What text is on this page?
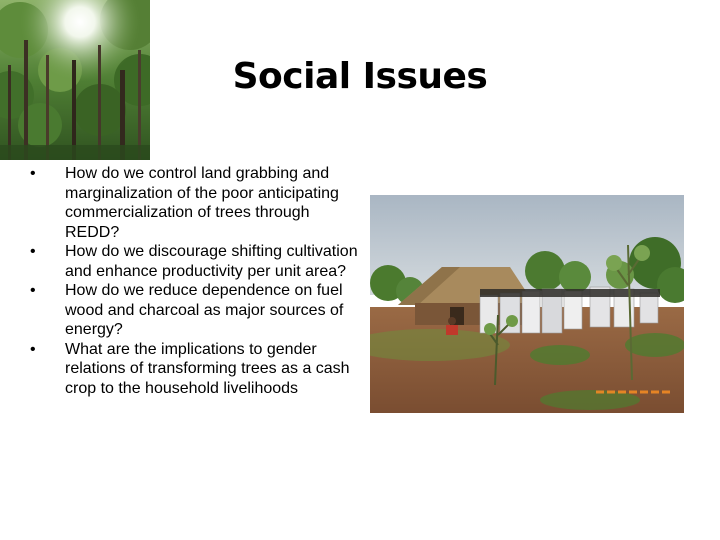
Social Issues
•	How do we control land grabbing and marginalization of the poor anticipating commercialization of trees through REDD?
•	How do we discourage shifting cultivation and enhance productivity per unit area?
•	How do we reduce dependence on fuel wood and charcoal as major sources of energy?
•	What are the implications to gender relations of transforming trees as a cash crop to the household livelihoods
